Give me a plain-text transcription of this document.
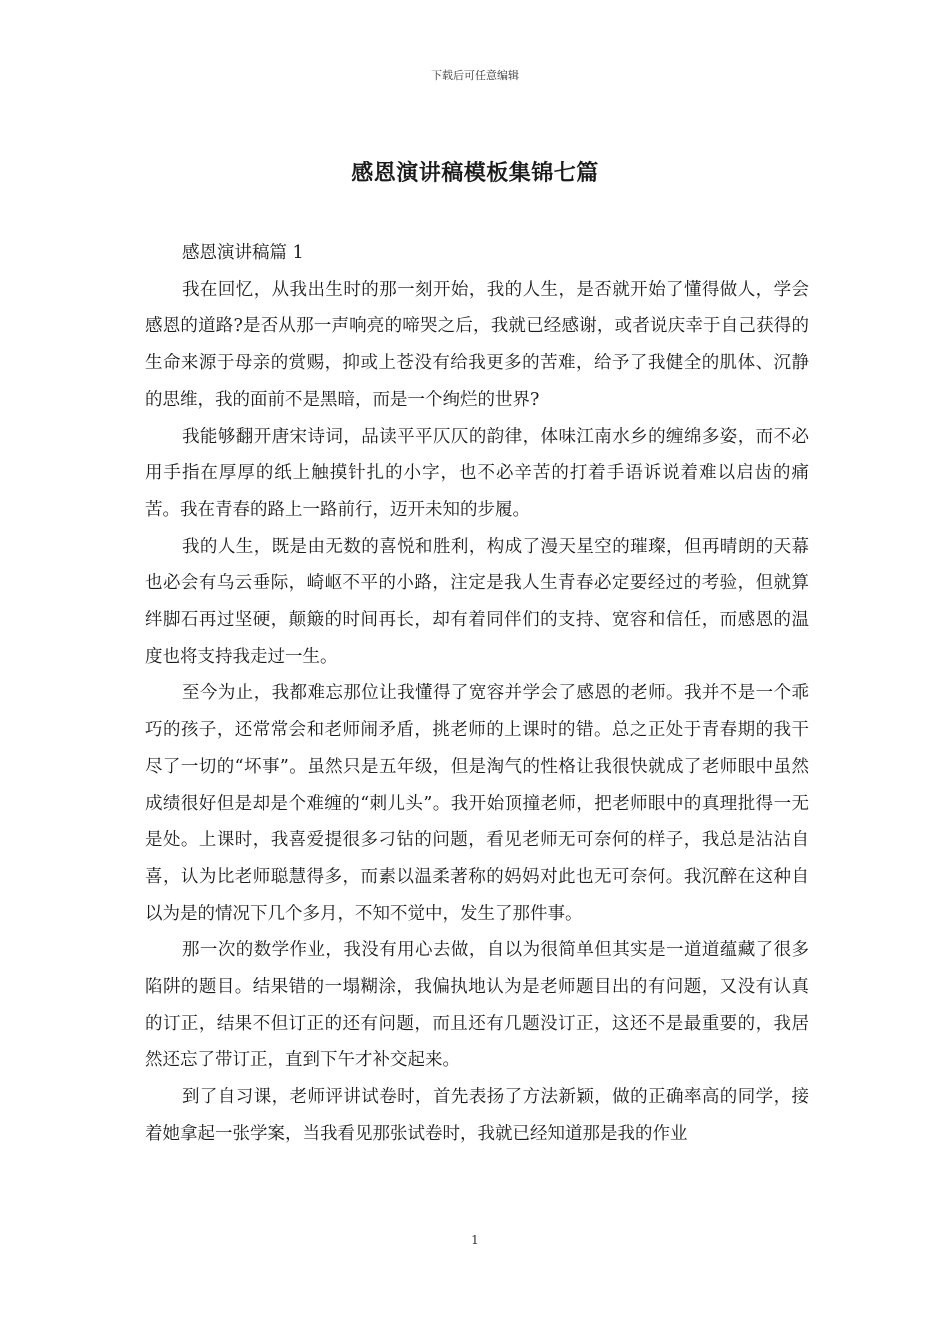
下载后可任意编辑
感恩演讲稿模板集锦七篇

感恩演讲稿篇 1

我在回忆，从我出生时的那一刻开始，我的人生，是否就开始了懂得做人，学会感恩的道路?是否从那一声响亮的啼哭之后，我就已经感谢，或者说庆幸于自己获得的生命来源于母亲的赏赐，抑或上苍没有给我更多的苦难，给予了我健全的肌体、沉静的思维，我的面前不是黑暗，而是一个绚烂的世界?

我能够翻开唐宋诗词，品读平平仄仄的韵律，体味江南水乡的缠绵多姿，而不必用手指在厚厚的纸上触摸针扎的小字，也不必辛苦的打着手语诉说着难以启齿的痛苦。我在青春的路上一路前行，迈开未知的步履。

我的人生，既是由无数的喜悦和胜利，构成了漫天星空的璀璨，但再晴朗的天幕也必会有乌云垂际，崎岖不平的小路，注定是我人生青春必定要经过的考验，但就算绊脚石再过坚硬，颠簸的时间再长，却有着同伴们的支持、宽容和信任，而感恩的温度也将支持我走过一生。

至今为止，我都难忘那位让我懂得了宽容并学会了感恩的老师。我并不是一个乖巧的孩子，还常常会和老师闹矛盾，挑老师的上课时的错。总之正处于青春期的我干尽了一切的“坏事”。虽然只是五年级，但是淘气的性格让我很快就成了老师眼中虽然成绩很好但是却是个难缠的“刺儿头”。我开始顶撞老师，把老师眼中的真理批得一无是处。上课时，我喜爱提很多刁钻的问题，看见老师无可奈何的样子，我总是沾沾自喜，认为比老师聪慧得多，而素以温柔著称的妈妈对此也无可奈何。我沉醉在这种自以为是的情况下几个多月，不知不觉中，发生了那件事。

那一次的数学作业，我没有用心去做，自以为很简单但其实是一道道蕴藏了很多陷阱的题目。结果错的一塌糊涂，我偏执地认为是老师题目出的有问题，又没有认真的订正，结果不但订正的还有问题，而且还有几题没订正，这还不是最重要的，我居然还忘了带订正，直到下午才补交起来。

到了自习课，老师评讲试卷时，首先表扬了方法新颖，做的正确率高的同学，接着她拿起一张学案，当我看见那张试卷时，我就已经知道那是我的作业

1
